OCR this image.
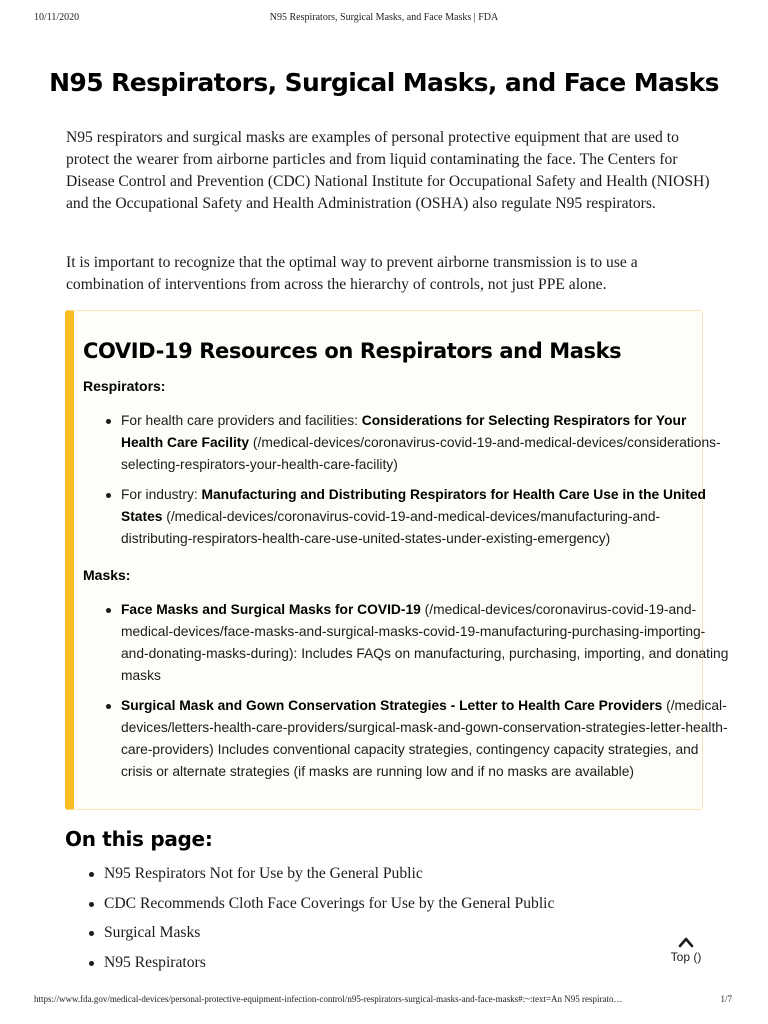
10/11/2020	N95 Respirators, Surgical Masks, and Face Masks | FDA
N95 Respirators, Surgical Masks, and Face Masks

N95 respirators and surgical masks are examples of personal protective equipment that are used to protect the wearer from airborne particles and from liquid contaminating the face. The Centers for Disease Control and Prevention (CDC) National Institute for Occupational Safety and Health (NIOSH) and the Occupational Safety and Health Administration (OSHA) also regulate N95 respirators.

It is important to recognize that the optimal way to prevent airborne transmission is to use a combination of interventions from across the hierarchy of controls, not just PPE alone.

COVID-19 Resources on Respirators and Masks

Respirators:

For health care providers and facilities: Considerations for Selecting Respirators for Your Health Care Facility (/medical-devices/coronavirus-covid-19-and-medical-devices/considerations-selecting-respirators-your-health-care-facility)
For industry: Manufacturing and Distributing Respirators for Health Care Use in the United States (/medical-devices/coronavirus-covid-19-and-medical-devices/manufacturing-and-distributing-respirators-health-care-use-united-states-under-existing-emergency)

Masks:

Face Masks and Surgical Masks for COVID-19 (/medical-devices/coronavirus-covid-19-and-medical-devices/face-masks-and-surgical-masks-covid-19-manufacturing-purchasing-importing-and-donating-masks-during): Includes FAQs on manufacturing, purchasing, importing, and donating masks
Surgical Mask and Gown Conservation Strategies - Letter to Health Care Providers (/medical-devices/letters-health-care-providers/surgical-mask-and-gown-conservation-strategies-letter-health-care-providers) Includes conventional capacity strategies, contingency capacity strategies, and crisis or alternate strategies (if masks are running low and if no masks are available)
On this page:
N95 Respirators Not for Use by the General Public
CDC Recommends Cloth Face Coverings for Use by the General Public
Surgical Masks
N95 Respirators	Top ()
https://www.fda.gov/medical-devices/personal-protective-equipment-infection-control/n95-respirators-surgical-masks-and-face-masks#:~:text=An N95 respirato…	1/7
